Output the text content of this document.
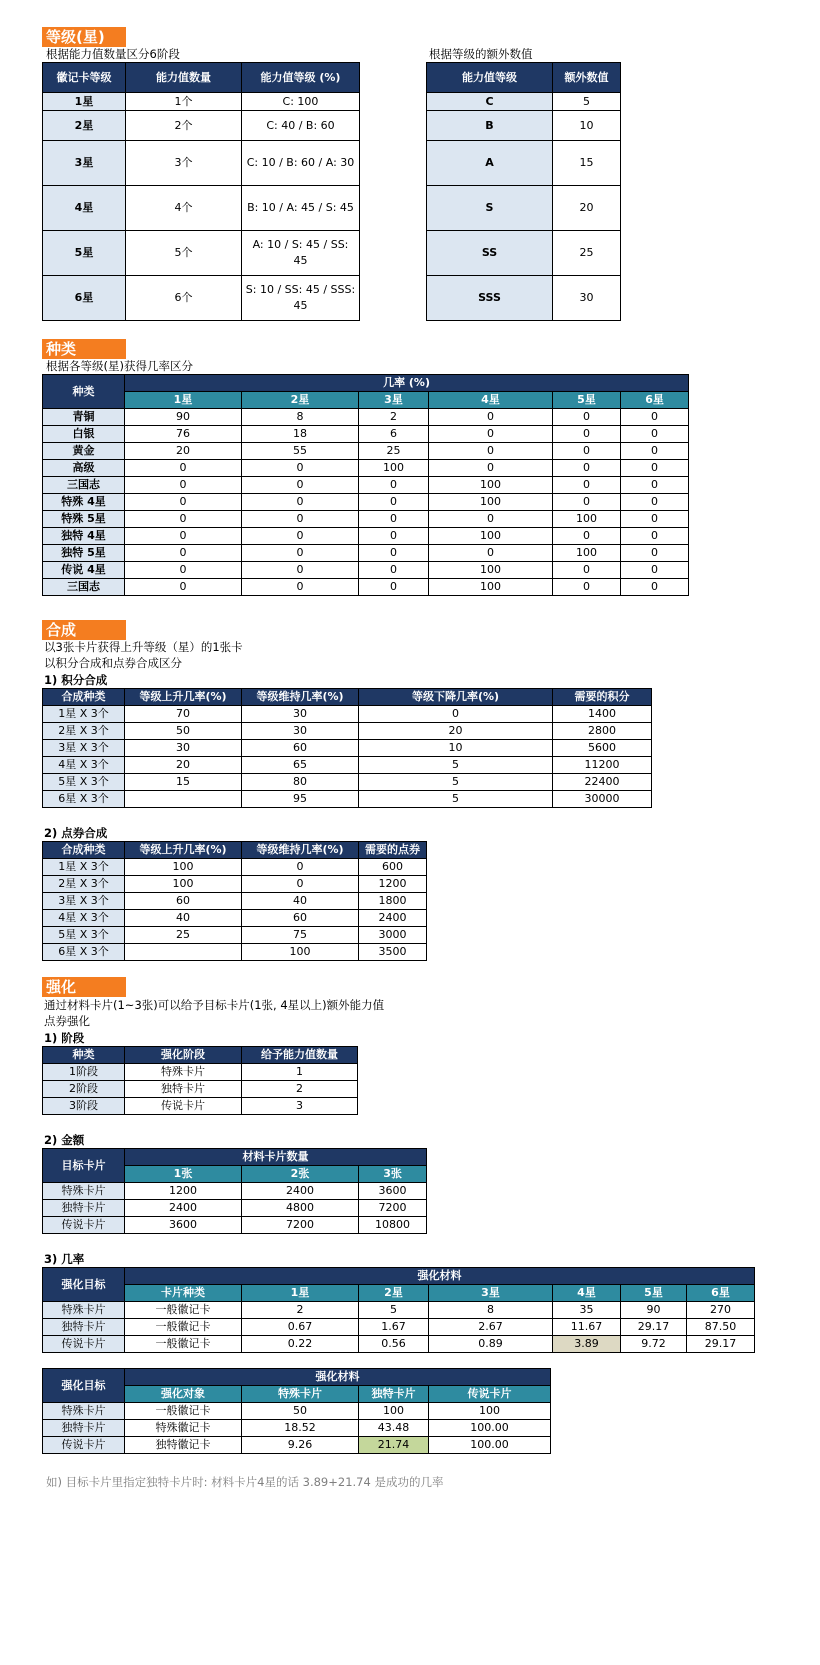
等级(星)
根据能力值数量区分6阶段	根据等级的额外数值
徽记卡等级	能力值数量	能力值等级 (%)
1星	1个	C: 100
2星	2个	C: 40 / B: 60
3星	3个	C: 10 / B: 60 / A: 30
4星	4个	B: 10 / A: 45 / S: 45
5星	5个	A: 10 / S: 45 / SS: 45
6星	6个	S: 10 / SS: 45 / SSS: 45
能力值等级	额外数值
C	5
B	10
A	15
S	20
SS	25
SSS	30
种类
根据各等级(星)获得几率区分
种类	几率 (%)					
	1星	2星	3星	4星	5星	6星
青铜	90	8	2	0	0	0
白银	76	18	6	0	0	0
黄金	20	55	25	0	0	0
高级	0	0	100	0	0	0
三国志	0	0	0	100	0	0
特殊 4星	0	0	0	100	0	0
特殊 5星	0	0	0	0	100	0
独特 4星	0	0	0	100	0	0
独特 5星	0	0	0	0	100	0
传说 4星	0	0	0	100	0	0
三国志	0	0	0	100	0	0
合成
以3张卡片获得上升等级（星）的1张卡
以积分合成和点券合成区分
1) 积分合成
合成种类	等级上升几率(%)	等级维持几率(%)	等级下降几率(%)	需要的积分
1星 X 3个	70	30	0	1400
2星 X 3个	50	30	20	2800
3星 X 3个	30	60	10	5600
4星 X 3个	20	65	5	11200
5星 X 3个	15	80	5	22400
6星 X 3个		95	5	30000
2) 点券合成
合成种类	等级上升几率(%)	等级维持几率(%)	需要的点券
1星 X 3个	100	0	600
2星 X 3个	100	0	1200
3星 X 3个	60	40	1800
4星 X 3个	40	60	2400
5星 X 3个	25	75	3000
6星 X 3个		100	3500
强化
通过材料卡片(1~3张)可以给予目标卡片(1张, 4星以上)额外能力值
点券强化
1) 阶段
种类	强化阶段	给予能力值数量
1阶段	特殊卡片	1
2阶段	独特卡片	2
3阶段	传说卡片	3
2) 金额
目标卡片	材料卡片数量		
	1张	2张	3张
特殊卡片	1200	2400	3600
独特卡片	2400	4800	7200
传说卡片	3600	7200	10800
3) 几率
强化目标	强化材料						
	卡片种类	1星	2星	3星	4星	5星	6星
特殊卡片	一般徽记卡	2	5	8	35	90	270
独特卡片	一般徽记卡	0.67	1.67	2.67	11.67	29.17	87.50
传说卡片	一般徽记卡	0.22	0.56	0.89	3.89	9.72	29.17
强化目标	强化材料			
	强化对象	特殊卡片	独特卡片	传说卡片
特殊卡片	一般徽记卡	50	100	100
独特卡片	特殊徽记卡	18.52	43.48	100.00
传说卡片	独特徽记卡	9.26	21.74	100.00
如) 目标卡片里指定独特卡片时: 材料卡片4星的话 3.89+21.74 是成功的几率
